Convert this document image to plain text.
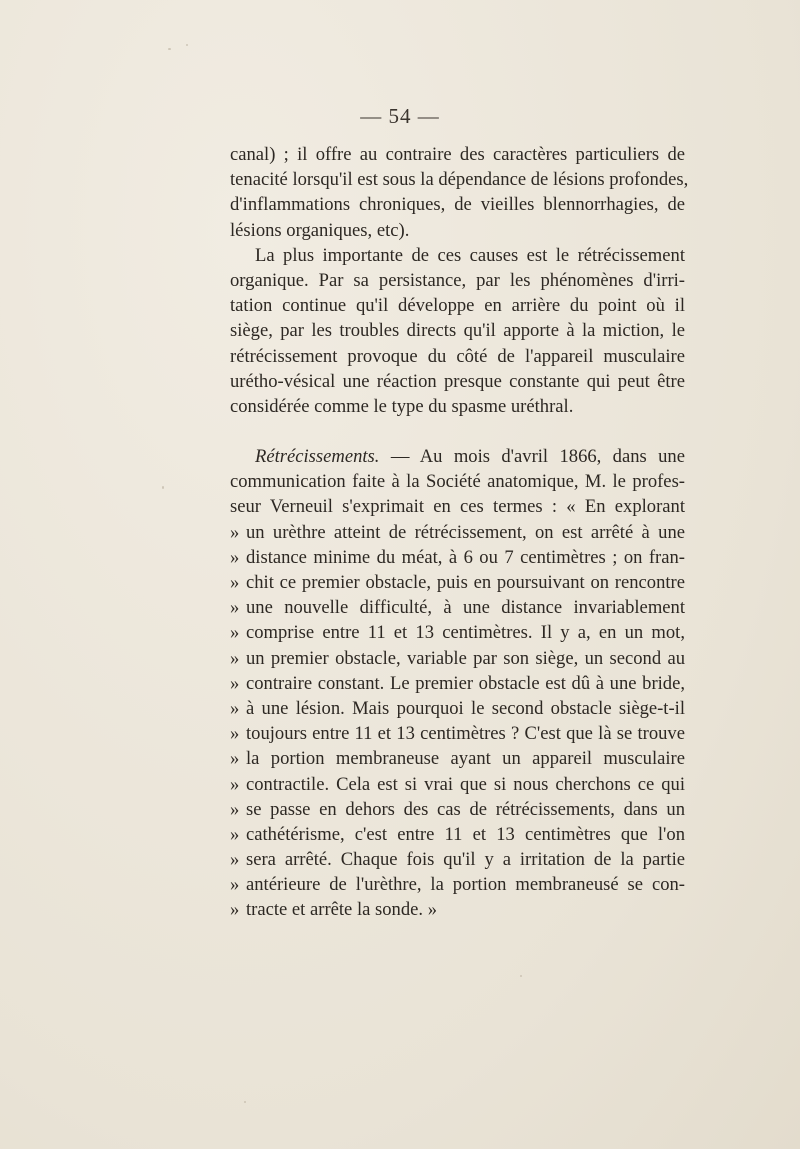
— 54 —
canal) ; il offre au contraire des caractères particuliers de
tenacité lorsqu'il est sous la dépendance de lésions profondes,
d'inflammations chroniques, de vieilles blennorrhagies, de
lésions organiques, etc).
La plus importante de ces causes est le rétrécissement
organique. Par sa persistance, par les phénomènes d'irri-
tation continue qu'il développe en arrière du point où il
siège, par les troubles directs qu'il apporte à la miction, le
rétrécissement provoque du côté de l'appareil musculaire
urétho-vésical une réaction presque constante qui peut être
considérée comme le type du spasme uréthral.
Rétrécissements. — Au mois d'avril 1866, dans une
communication faite à la Société anatomique, M. le profes-
seur Verneuil s'exprimait en ces termes : « En explorant
» un urèthre atteint de rétrécissement, on est arrêté à une
» distance minime du méat, à 6 ou 7 centimètres ; on fran-
» chit ce premier obstacle, puis en poursuivant on rencontre
» une nouvelle difficulté, à une distance invariablement
» comprise entre 11 et 13 centimètres. Il y a, en un mot,
» un premier obstacle, variable par son siège, un second au
» contraire constant. Le premier obstacle est dû à une bride,
» à une lésion. Mais pourquoi le second obstacle siège-t-il
» toujours entre 11 et 13 centimètres ? C'est que là se trouve
» la portion membraneuse ayant un appareil musculaire
» contractile. Cela est si vrai que si nous cherchons ce qui
» se passe en dehors des cas de rétrécissements, dans un
» cathétérisme, c'est entre 11 et 13 centimètres que l'on
» sera arrêté. Chaque fois qu'il y a irritation de la partie
» antérieure de l'urèthre, la portion membraneusé se con-
» tracte et arrête la sonde. »
